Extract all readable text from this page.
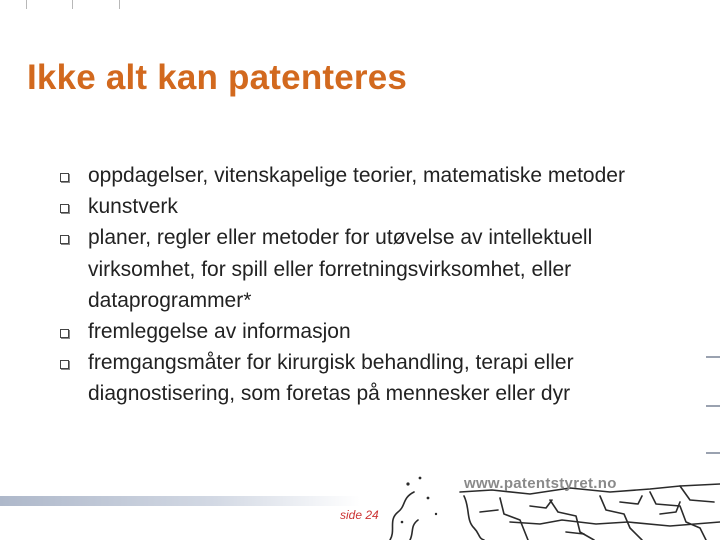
Ikke alt kan patenteres
oppdagelser, vitenskapelige teorier, matematiske metoder
kunstverk
planer, regler eller metoder for utøvelse av intellektuell virksomhet, for spill eller forretningsvirksomhet, eller dataprogrammer*
fremleggelse av informasjon
fremgangsmåter for kirurgisk behandling, terapi eller diagnostisering, som foretas på mennesker eller dyr
www.patentstyret.no
side 24
